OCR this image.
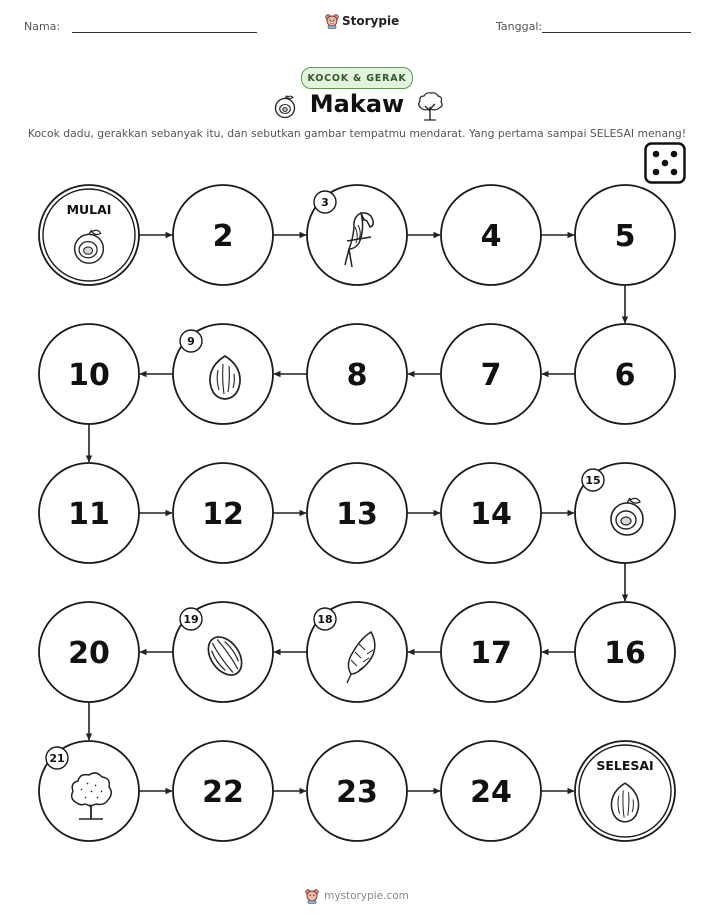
Nama:	Storypie	Tanggal:
KOCOK & GERAK
Makaw
Kocok dadu, gerakkan sebanyak itu, dan sebutkan gambar tempatmu mendarat. Yang pertama sampai SELESAI menang!
MULAI
2
3
4	5
6
7
8
9
10
11	12	13	14
15
16
17
18
19
20
21
22	23	24
SELESAI
mystorypie.com
